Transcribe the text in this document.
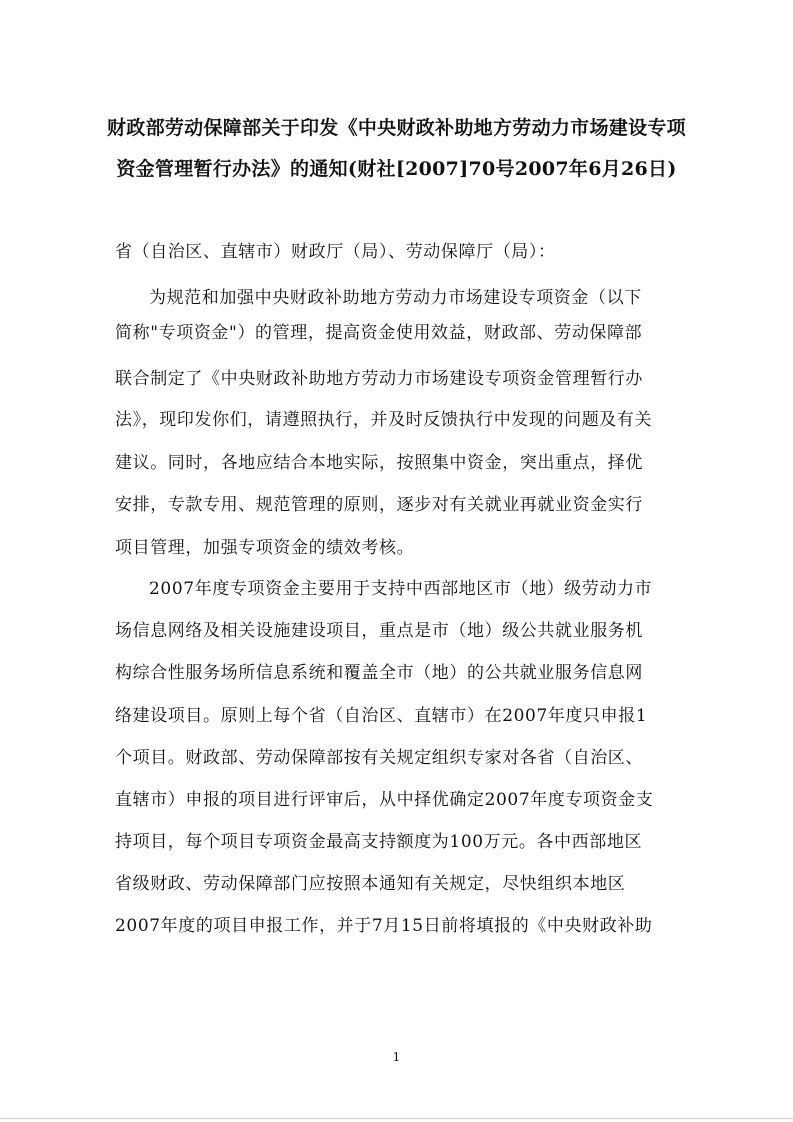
财政部劳动保障部关于印发《中央财政补助地方劳动力市场建设专项
资金管理暂行办法》的通知(财社[2007]70号2007年6月26日)
省（自治区、直辖市）财政厅（局）、劳动保障厅（局）：
为规范和加强中央财政补助地方劳动力市场建设专项资金（以下
简称"专项资金"）的管理，提高资金使用效益，财政部、劳动保障部
联合制定了《中央财政补助地方劳动力市场建设专项资金管理暂行办
法》，现印发你们，请遵照执行，并及时反馈执行中发现的问题及有关
建议。同时，各地应结合本地实际，按照集中资金，突出重点，择优
安排，专款专用、规范管理的原则，逐步对有关就业再就业资金实行
项目管理，加强专项资金的绩效考核。
2007年度专项资金主要用于支持中西部地区市（地）级劳动力市
场信息网络及相关设施建设项目，重点是市（地）级公共就业服务机
构综合性服务场所信息系统和覆盖全市（地）的公共就业服务信息网
络建设项目。原则上每个省（自治区、直辖市）在2007年度只申报1
个项目。财政部、劳动保障部按有关规定组织专家对各省（自治区、
直辖市）申报的项目进行评审后，从中择优确定2007年度专项资金支
持项目，每个项目专项资金最高支持额度为100万元。各中西部地区
省级财政、劳动保障部门应按照本通知有关规定，尽快组织本地区
2007年度的项目申报工作，并于7月15日前将填报的《中央财政补助
1
